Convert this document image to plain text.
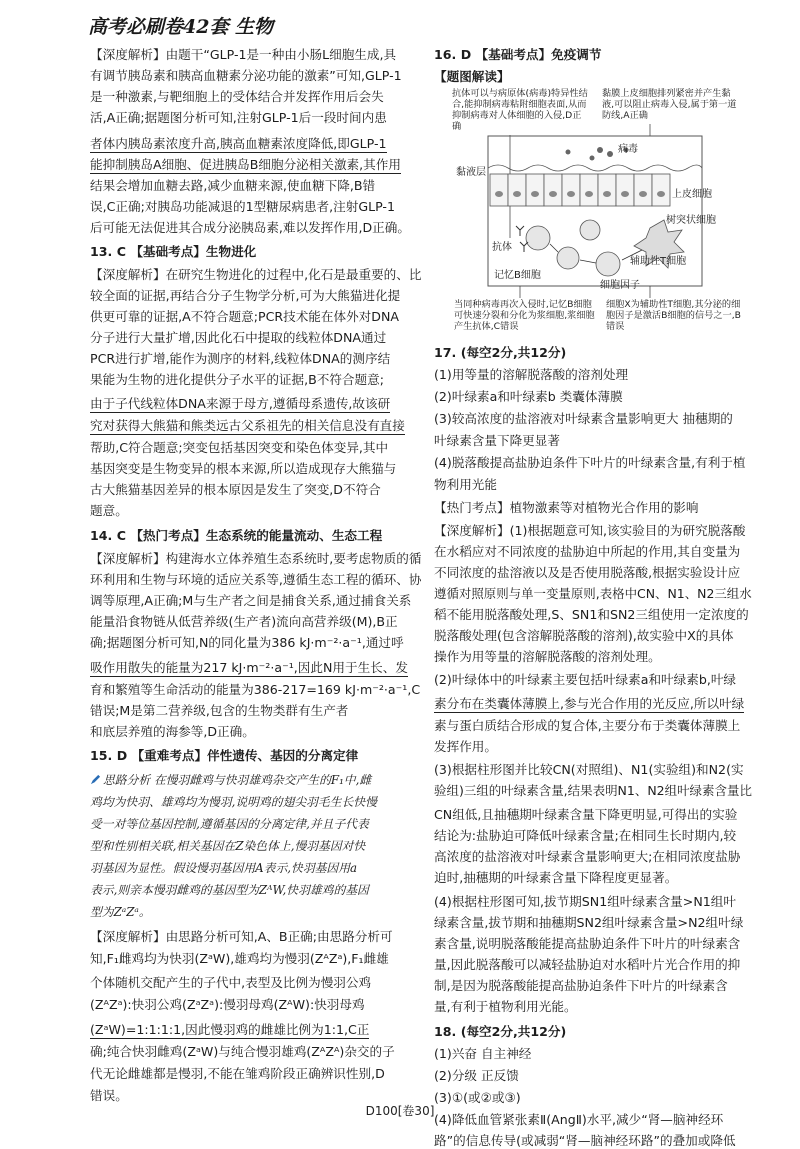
高考必刷卷42套 生物
【深度解析】由题干“GLP-1是一种由小肠L细胞生成,具
有调节胰岛素和胰高血糖素分泌功能的激素”可知,GLP-1
是一种激素,与靶细胞上的受体结合并发挥作用后会失
活,A正确;据题图分析可知,注射GLP-1后一段时间内患
者体内胰岛素浓度升高,胰高血糖素浓度降低,即GLP-1
能抑制胰岛A细胞、促进胰岛B细胞分泌相关激素,其作用
结果会增加血糖去路,减少血糖来源,使血糖下降,B错
误,C正确;对胰岛功能减退的1型糖尿病患者,注射GLP-1
后可能无法促进其合成分泌胰岛素,难以发挥作用,D正确。
13. C 【基础考点】生物进化
【深度解析】在研究生物进化的过程中,化石是最重要的、比
较全面的证据,再结合分子生物学分析,可为大熊猫进化提
供更可靠的证据,A不符合题意;PCR技术能在体外对DNA
分子进行大量扩增,因此化石中提取的线粒体DNA通过
PCR进行扩增,能作为测序的材料,线粒体DNA的测序结
果能为生物的进化提供分子水平的证据,B不符合题意;
由于子代线粒体DNA来源于母方,遵循母系遗传,故该研
究对获得大熊猫和熊类远古父系祖先的相关信息没有直接
帮助,C符合题意;突变包括基因突变和染色体变异,其中
基因突变是生物变异的根本来源,所以造成现存大熊猫与
古大熊猫基因差异的根本原因是发生了突变,D不符合
题意。
14. C 【热门考点】生态系统的能量流动、生态工程
【深度解析】构建海水立体养殖生态系统时,要考虑物质的循
环利用和生物与环境的适应关系等,遵循生态工程的循环、协
调等原理,A正确;M与生产者之间是捕食关系,通过捕食关系
能量沿食物链从低营养级(生产者)流向高营养级(M),B正
确;据题图分析可知,N的同化量为386 kJ·m⁻²·a⁻¹,通过呼
吸作用散失的能量为217 kJ·m⁻²·a⁻¹,因此N用于生长、发
育和繁殖等生命活动的能量为386-217=169 kJ·m⁻²·a⁻¹,C
错误;M是第二营养级,包含的生物类群有生产者
和底层养殖的海参等,D正确。
15. D 【重难考点】伴性遗传、基因的分离定律
思路分析 在慢羽雌鸡与快羽雄鸡杂交产生的F₁中,雌
鸡均为快羽、雄鸡均为慢羽,说明鸡的翅尖羽毛生长快慢
受一对等位基因控制,遵循基因的分离定律,并且子代表
型和性别相关联,相关基因在Z染色体上,慢羽基因对快
羽基因为显性。假设慢羽基因用A表示,快羽基因用a
表示,则亲本慢羽雌鸡的基因型为ZᴬW,快羽雄鸡的基因
型为ZᵃZᵃ。
【深度解析】由思路分析可知,A、B正确;由思路分析可
知,F₁雌鸡均为快羽(ZᵃW),雄鸡均为慢羽(ZᴬZᵃ),F₁雌雄
个体随机交配产生的子代中,表型及比例为慢羽公鸡
(ZᴬZᵃ):快羽公鸡(ZᵃZᵃ):慢羽母鸡(ZᴬW):快羽母鸡
(ZᵃW)=1:1:1:1,因此慢羽鸡的雌雄比例为1:1,C正
确;纯合快羽雌鸡(ZᵃW)与纯合慢羽雄鸡(ZᴬZᴬ)杂交的子
代无论雌雄都是慢羽,不能在雏鸡阶段正确辨识性别,D
错误。
16. D 【基础考点】免疫调节
【题图解读】
抗体可以与病原体(病毒)特异性结合,能抑制病毒粘附细胞表面,从而抑制病毒对人体细胞的入侵,D正确
黏膜上皮细胞排列紧密并产生黏液,可以阻止病毒入侵,属于第一道防线,A正确
病毒
黏液层
上皮细胞
树突状细胞
抗体
辅助性T细胞
记忆B细胞
细胞因子
当同种病毒再次入侵时,记忆B细胞可快速分裂和分化为浆细胞,浆细胞产生抗体,C错误
细胞X为辅助性T细胞,其分泌的细胞因子是激活B细胞的信号之一,B错误
17. (每空2分,共12分)
(1)用等量的溶解脱落酸的溶剂处理
(2)叶绿素a和叶绿素b 类囊体薄膜
(3)较高浓度的盐溶液对叶绿素含量影响更大 抽穗期的
叶绿素含量下降更显著
(4)脱落酸提高盐胁迫条件下叶片的叶绿素含量,有利于植
物利用光能
【热门考点】植物激素等对植物光合作用的影响
【深度解析】(1)根据题意可知,该实验目的为研究脱落酸
在水稻应对不同浓度的盐胁迫中所起的作用,其自变量为
不同浓度的盐溶液以及是否使用脱落酸,根据实验设计应
遵循对照原则与单一变量原则,表格中CN、N1、N2三组水
稻不能用脱落酸处理,S、SN1和SN2三组使用一定浓度的
脱落酸处理(包含溶解脱落酸的溶剂),故实验中X的具体
操作为用等量的溶解脱落酸的溶剂处理。
(2)叶绿体中的叶绿素主要包括叶绿素a和叶绿素b,叶绿
素分布在类囊体薄膜上,参与光合作用的光反应,所以叶绿
素与蛋白质结合形成的复合体,主要分布于类囊体薄膜上
发挥作用。
(3)根据柱形图并比较CN(对照组)、N1(实验组)和N2(实
验组)三组的叶绿素含量,结果表明N1、N2组叶绿素含量比
CN组低,且抽穗期叶绿素含量下降更明显,可得出的实验
结论为:盐胁迫可降低叶绿素含量;在相同生长时期内,较
高浓度的盐溶液对叶绿素含量影响更大;在相同浓度盐胁
迫时,抽穗期的叶绿素含量下降程度更显著。
(4)根据柱形图可知,拔节期SN1组叶绿素含量>N1组叶
绿素含量,拔节期和抽穗期SN2组叶绿素含量>N2组叶绿
素含量,说明脱落酸能提高盐胁迫条件下叶片的叶绿素含
量,因此脱落酸可以减轻盐胁迫对水稻叶片光合作用的抑
制,是因为脱落酸能提高盐胁迫条件下叶片的叶绿素含
量,有利于植物利用光能。
18. (每空2分,共12分)
(1)兴奋 自主神经
(2)分级 正反馈
(3)①(或②或③)
(4)降低血管紧张素Ⅱ(AngⅡ)水平,减少“肾—脑神经环
路”的信息传导(或减弱“肾—脑神经环路”的叠加或降低
D100[卷30]
